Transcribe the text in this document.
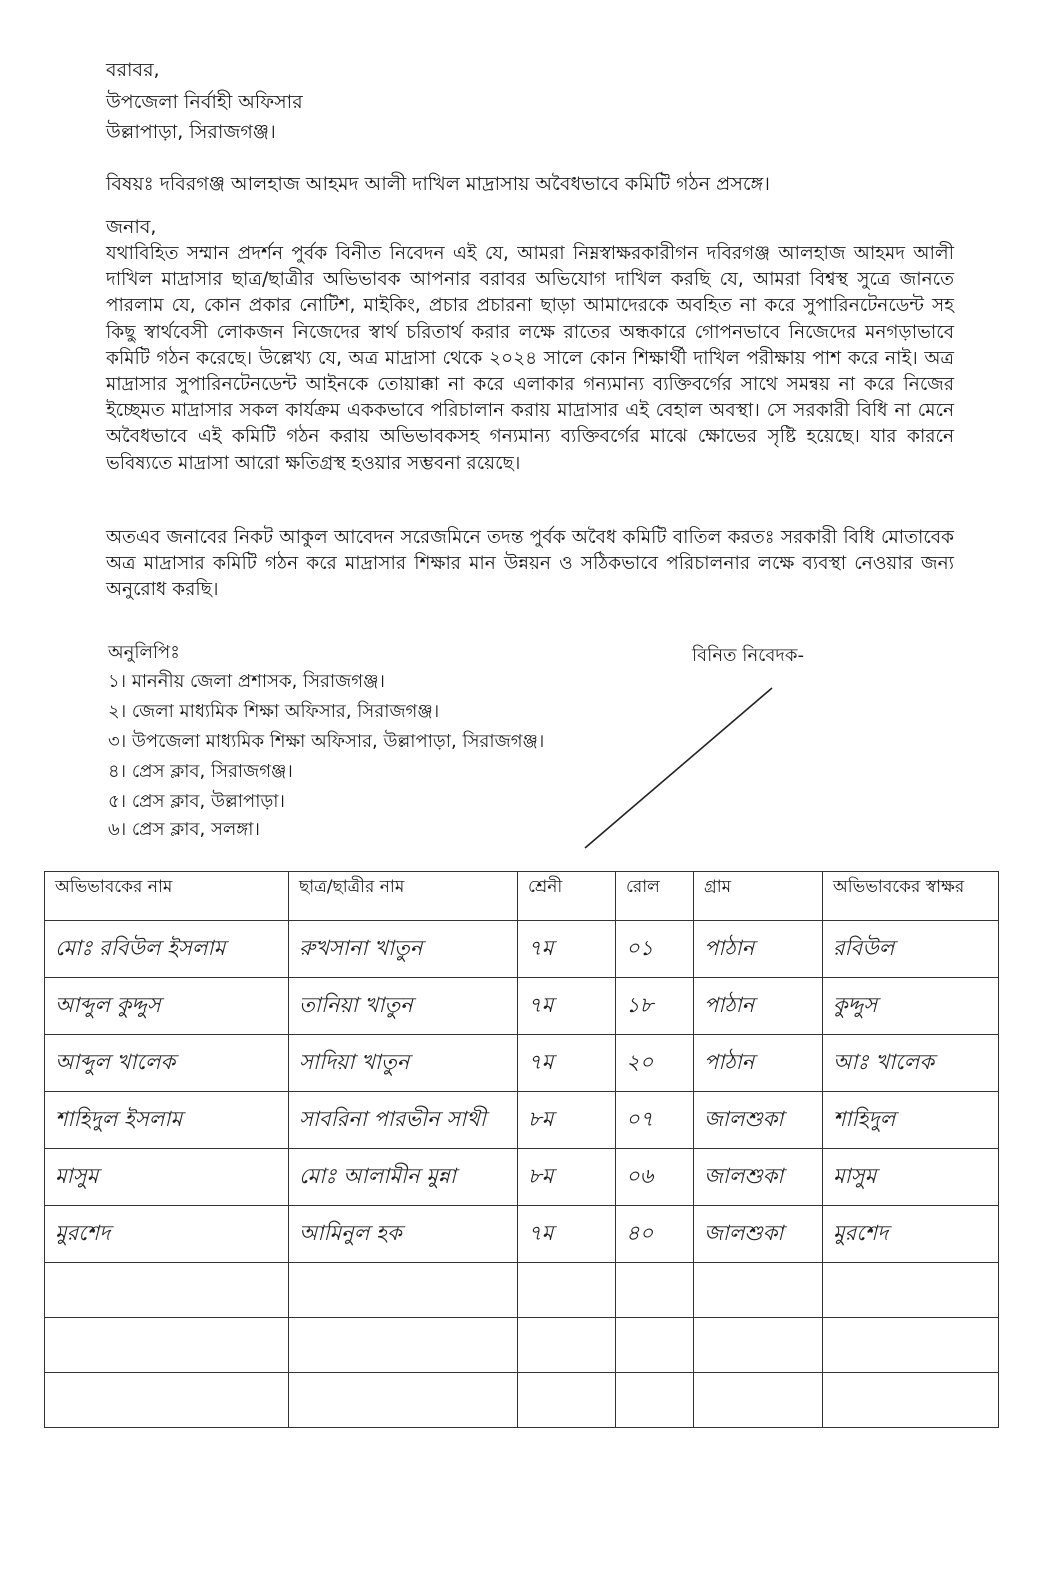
বরাবর,
উপজেলা নির্বাহী অফিসার
উল্লাপাড়া, সিরাজগঞ্জ।
বিষয়ঃ দবিরগঞ্জ আলহাজ আহমদ আলী দাখিল মাদ্রাসায় অবৈধভাবে কমিটি গঠন প্রসঙ্গে।
জনাব,
যথাবিহিত সম্মান প্রদর্শন পুর্বক বিনীত নিবেদন এই যে, আমরা নিম্নস্বাক্ষরকারীগন দবিরগঞ্জ আলহাজ আহমদ আলী দাখিল মাদ্রাসার ছাত্র/ছাত্রীর অভিভাবক আপনার বরাবর অভিযোগ দাখিল করছি যে, আমরা বিশ্বস্থ সুত্রে জানতে পারলাম যে, কোন প্রকার নোটিশ, মাইকিং, প্রচার প্রচারনা ছাড়া আমাদেরকে অবহিত না করে সুপারিনটেনডেন্ট সহ কিছু স্বার্থবেসী লোকজন নিজেদের স্বার্থ চরিতার্থ করার লক্ষে রাতের অন্ধকারে গোপনভাবে নিজেদের মনগড়াভাবে কমিটি গঠন করেছে। উল্লেখ্য যে, অত্র মাদ্রাসা থেকে ২০২৪ সালে কোন শিক্ষার্থী দাখিল পরীক্ষায় পাশ করে নাই। অত্র মাদ্রাসার সুপারিনটেনডেন্ট আইনকে তোয়াক্কা না করে এলাকার গন্যমান্য ব্যক্তিবর্গের সাথে সমন্বয় না করে নিজের ইচ্ছেমত মাদ্রাসার সকল কার্যক্রম এককভাবে পরিচালান করায় মাদ্রাসার এই বেহাল অবস্থা। সে সরকারী বিধি না মেনে অবৈধভাবে এই কমিটি গঠন করায় অভিভাবকসহ গন্যমান্য ব্যক্তিবর্গের মাঝে ক্ষোভের সৃষ্টি হয়েছে। যার কারনে ভবিষ্যতে মাদ্রাসা আরো ক্ষতিগ্রস্থ হওয়ার সম্ভবনা রয়েছে।
অতএব জনাবের নিকট আকুল আবেদন সরেজমিনে তদন্ত পুর্বক অবৈধ কমিটি বাতিল করতঃ সরকারী বিধি মোতাবেক অত্র মাদ্রাসার কমিটি গঠন করে মাদ্রাসার শিক্ষার মান উন্নয়ন ও সঠিকভাবে পরিচালনার লক্ষে ব্যবস্থা নেওয়ার জন্য অনুরোধ করছি।
অনুলিপিঃ	বিনিত নিবেদক-
১। মাননীয় জেলা প্রশাসক, সিরাজগঞ্জ।
২। জেলা মাধ্যমিক শিক্ষা অফিসার, সিরাজগঞ্জ।
৩। উপজেলা মাধ্যমিক শিক্ষা অফিসার, উল্লাপাড়া, সিরাজগঞ্জ।
৪। প্রেস ক্লাব, সিরাজগঞ্জ।
৫। প্রেস ক্লাব, উল্লাপাড়া।
৬। প্রেস ক্লাব, সলঙ্গা।
অভিভাবকের নাম	ছাত্র/ছাত্রীর নাম	শ্রেনী	রোল	গ্রাম	অভিভাবকের স্বাক্ষর
মোঃ রবিউল ইসলাম	রুখসানা খাতুন	৭ম	০১	পাঠান	রবিউল
আব্দুল কুদ্দুস	তানিয়া খাতুন	৭ম	১৮	পাঠান	কুদ্দুস
আব্দুল খালেক	সাদিয়া খাতুন	৭ম	২০	পাঠান	আঃ খালেক
শাহিদুল ইসলাম	সাবরিনা পারভীন সাথী	৮ম	০৭	জালশুকা	শাহিদুল
মাসুম	মোঃ আলামীন মুন্না	৮ম	০৬	জালশুকা	মাসুম
মুরশেদ	আমিনুল হক	৭ম	৪০	জালশুকা	মুরশেদ
